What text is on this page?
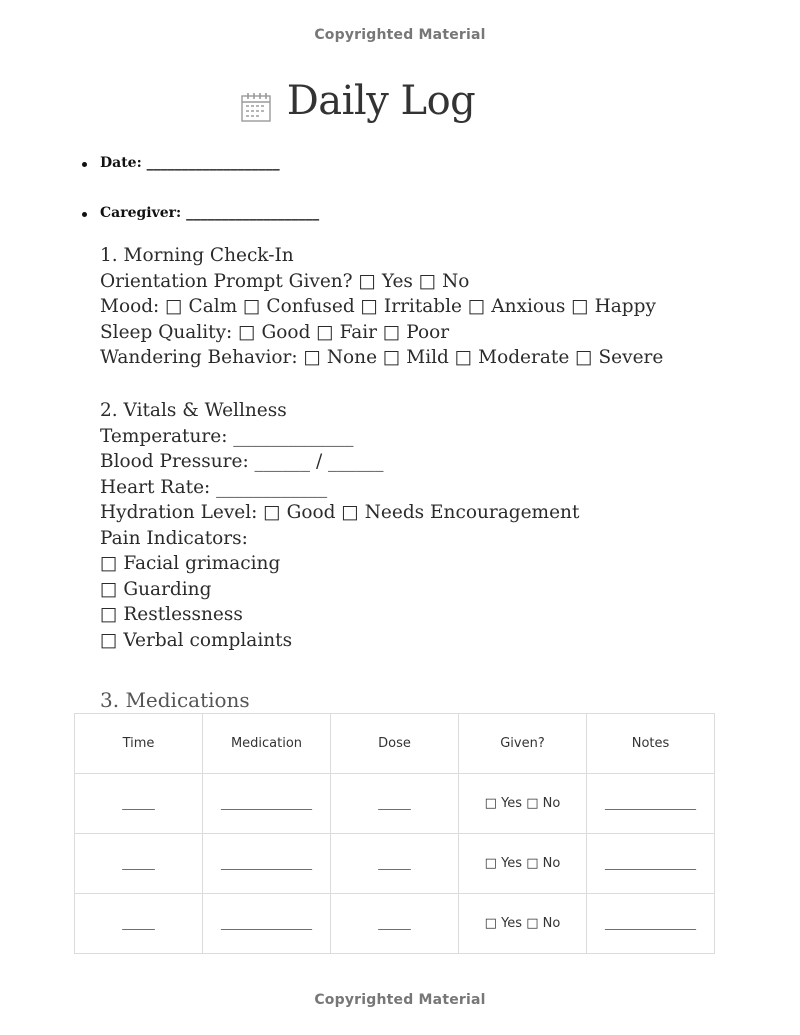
Copyrighted Material
Daily Log
Date: ___________________
Caregiver: ___________________
1. Morning Check-In
Orientation Prompt Given? □ Yes □ No
Mood: □ Calm □ Confused □ Irritable □ Anxious □ Happy
Sleep Quality: □ Good □ Fair □ Poor
Wandering Behavior: □ None □ Mild □ Moderate □ Severe
2. Vitals & Wellness
Temperature: _____________
Blood Pressure: ______ / ______
Heart Rate: ____________
Hydration Level: □ Good □ Needs Encouragement
Pain Indicators:
□ Facial grimacing
□ Guarding
□ Restlessness
□ Verbal complaints
3. Medications
Time	Medication	Dose	Given?	Notes
_____	______________	_____	□ Yes □ No	______________
_____	______________	_____	□ Yes □ No	______________
_____	______________	_____	□ Yes □ No	______________
Copyrighted Material
